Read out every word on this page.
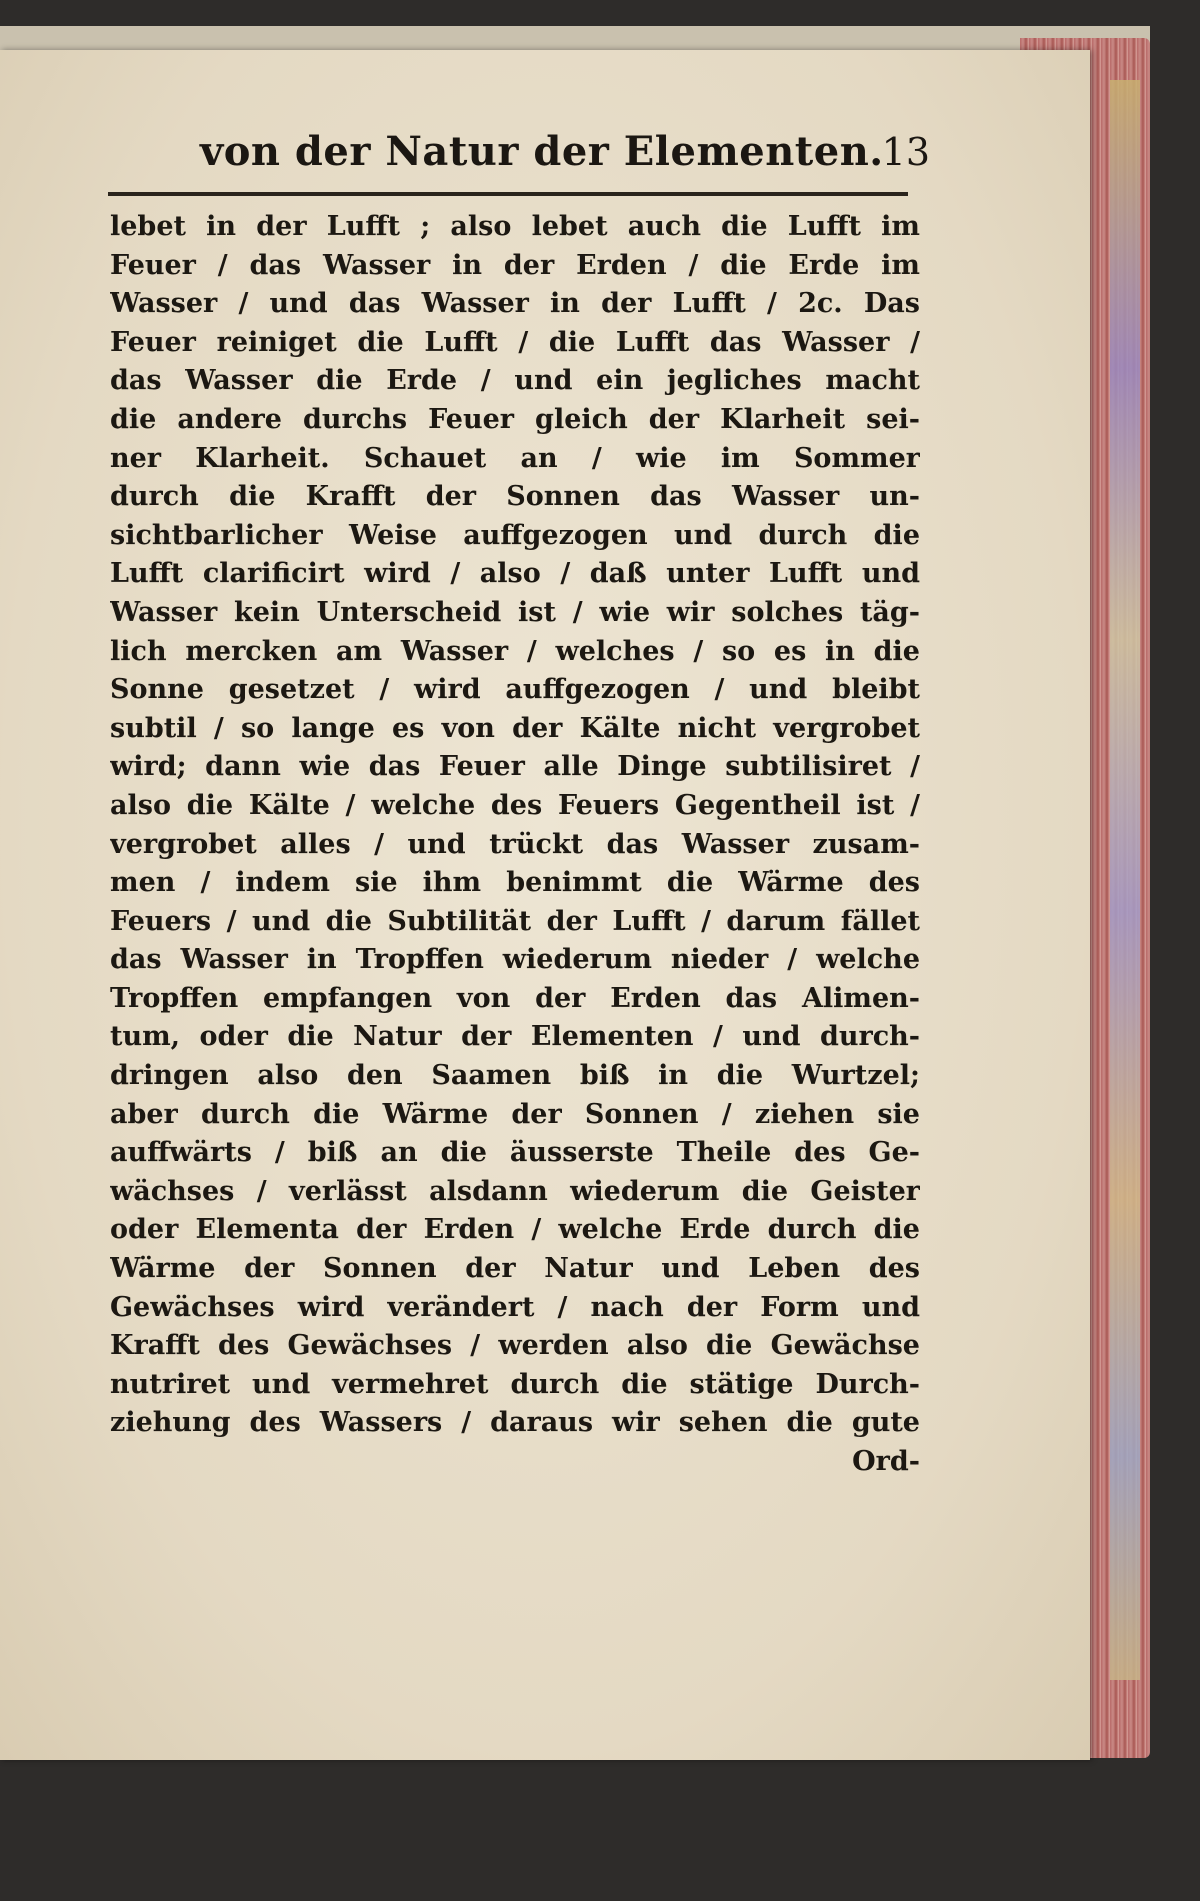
von der Natur der Elementen.
13
lebet in der Lufft ; also lebet auch die Lufft im
Feuer / das Wasser in der Erden / die Erde im
Wasser / und das Wasser in der Lufft / 2c. Das
Feuer reiniget die Lufft / die Lufft das Wasser /
das Wasser die Erde / und ein jegliches macht
die andere durchs Feuer gleich der Klarheit sei-
ner Klarheit. Schauet an / wie im Sommer
durch die Krafft der Sonnen das Wasser un-
sichtbarlicher Weise auffgezogen und durch die
Lufft clarificirt wird / also / daß unter Lufft und
Wasser kein Unterscheid ist / wie wir solches täg-
lich mercken am Wasser / welches / so es in die
Sonne gesetzet / wird auffgezogen / und bleibt
subtil / so lange es von der Kälte nicht vergrobet
wird; dann wie das Feuer alle Dinge subtilisiret /
also die Kälte / welche des Feuers Gegentheil ist /
vergrobet alles / und trückt das Wasser zusam-
men / indem sie ihm benimmt die Wärme des
Feuers / und die Subtilität der Lufft / darum fället
das Wasser in Tropffen wiederum nieder / welche
Tropffen empfangen von der Erden das Alimen-
tum, oder die Natur der Elementen / und durch-
dringen also den Saamen biß in die Wurtzel;
aber durch die Wärme der Sonnen / ziehen sie
auffwärts / biß an die äusserste Theile des Ge-
wächses / verlässt alsdann wiederum die Geister
oder Elementa der Erden / welche Erde durch die
Wärme der Sonnen der Natur und Leben des
Gewächses wird verändert / nach der Form und
Krafft des Gewächses / werden also die Gewächse
nutriret und vermehret durch die stätige Durch-
ziehung des Wassers / daraus wir sehen die gute
Ord-
